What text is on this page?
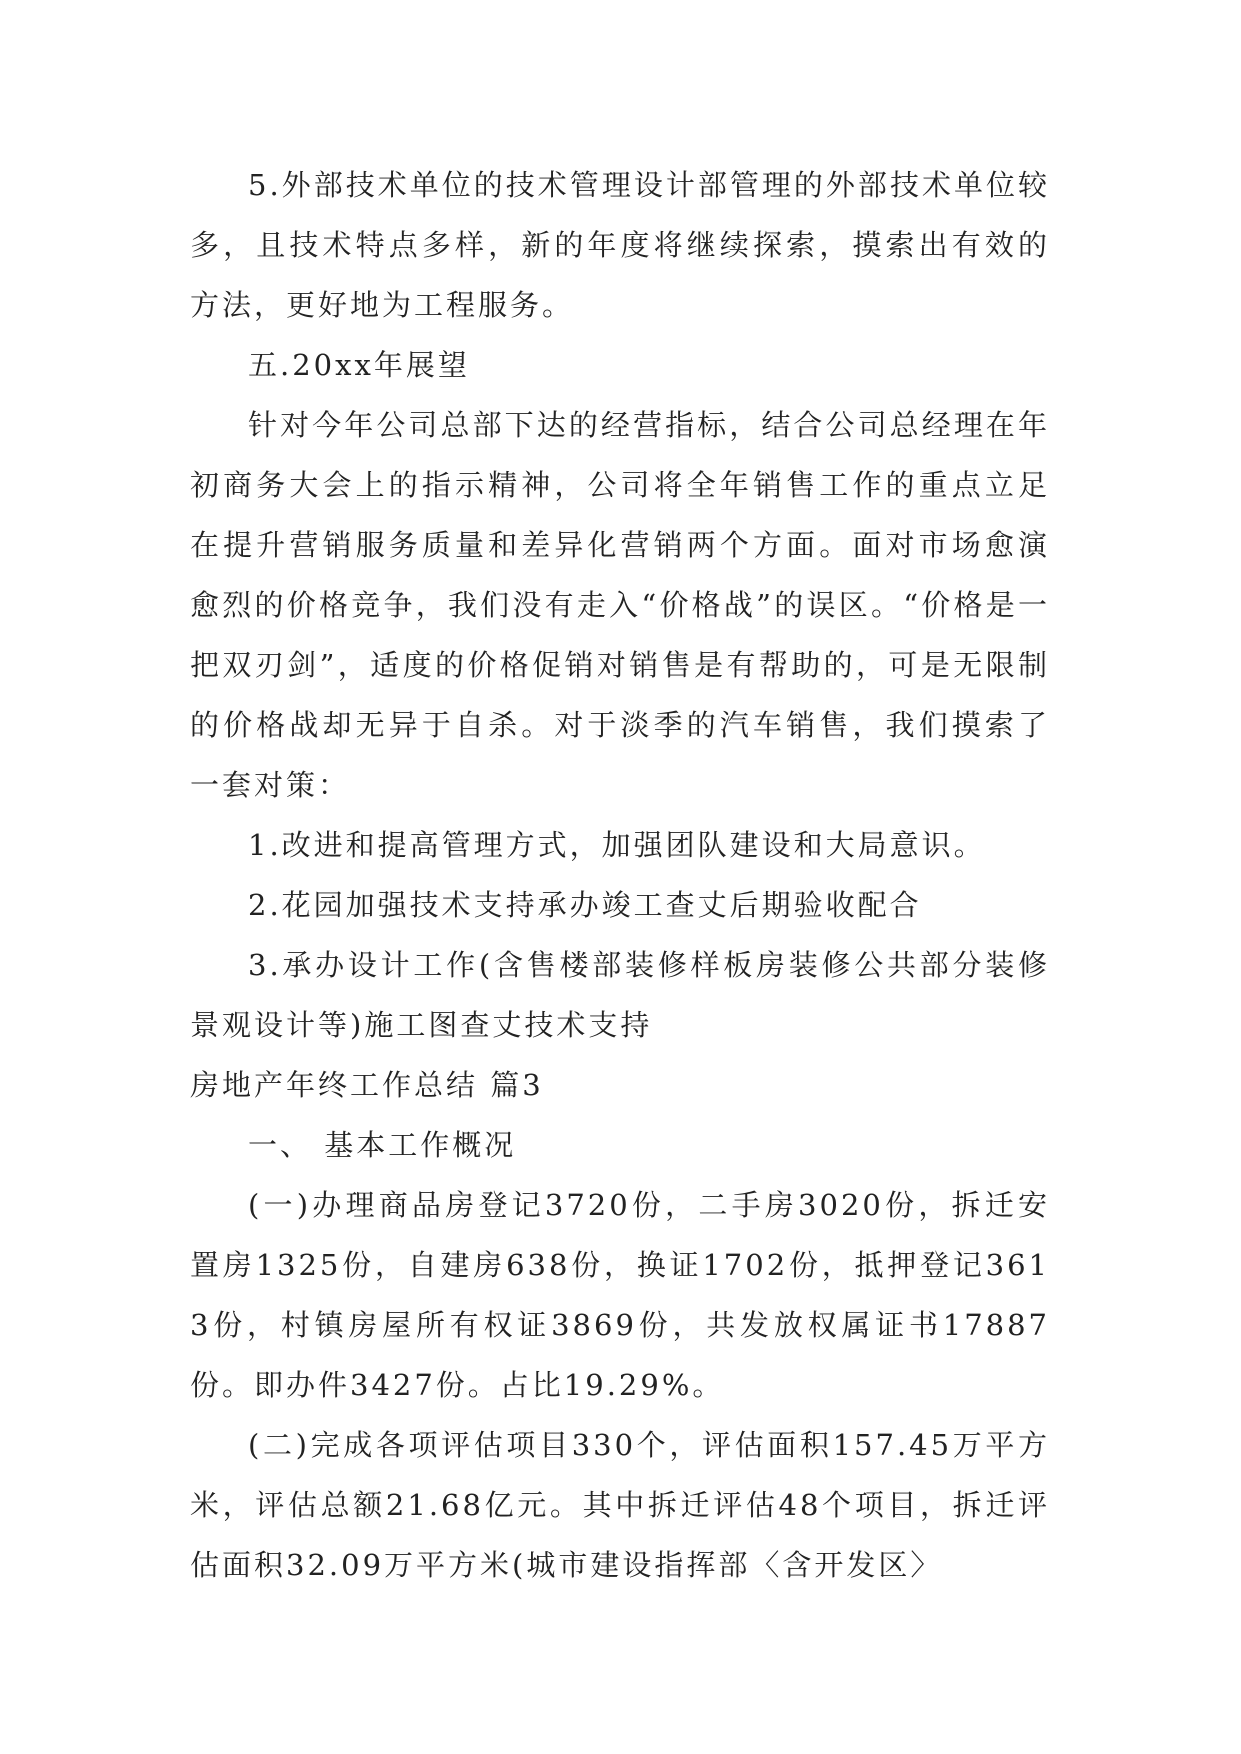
5.外部技术单位的技术管理设计部管理的外部技术单位较多，且技术特点多样，新的年度将继续探索，摸索出有效的方法，更好地为工程服务。

五.20xx年展望

针对今年公司总部下达的经营指标，结合公司总经理在年初商务大会上的指示精神，公司将全年销售工作的重点立足在提升营销服务质量和差异化营销两个方面。面对市场愈演愈烈的价格竞争，我们没有走入“价格战”的误区。“价格是一把双刃剑”，适度的价格促销对销售是有帮助的，可是无限制的价格战却无异于自杀。对于淡季的汽车销售，我们摸索了一套对策：

1.改进和提高管理方式，加强团队建设和大局意识。

2.花园加强技术支持承办竣工查丈后期验收配合

3.承办设计工作(含售楼部装修样板房装修公共部分装修景观设计等)施工图查丈技术支持

房地产年终工作总结 篇3

一、 基本工作概况

(一)办理商品房登记3720份，二手房3020份，拆迁安置房1325份，自建房638份，换证1702份，抵押登记3613份，村镇房屋所有权证3869份，共发放权属证书17887份。即办件3427份。占比19.29%。

(二)完成各项评估项目330个，评估面积157.45万平方米，评估总额21.68亿元。其中拆迁评估48个项目，拆迁评估面积32.09万平方米(城市建设指挥部〈含开发区〉
